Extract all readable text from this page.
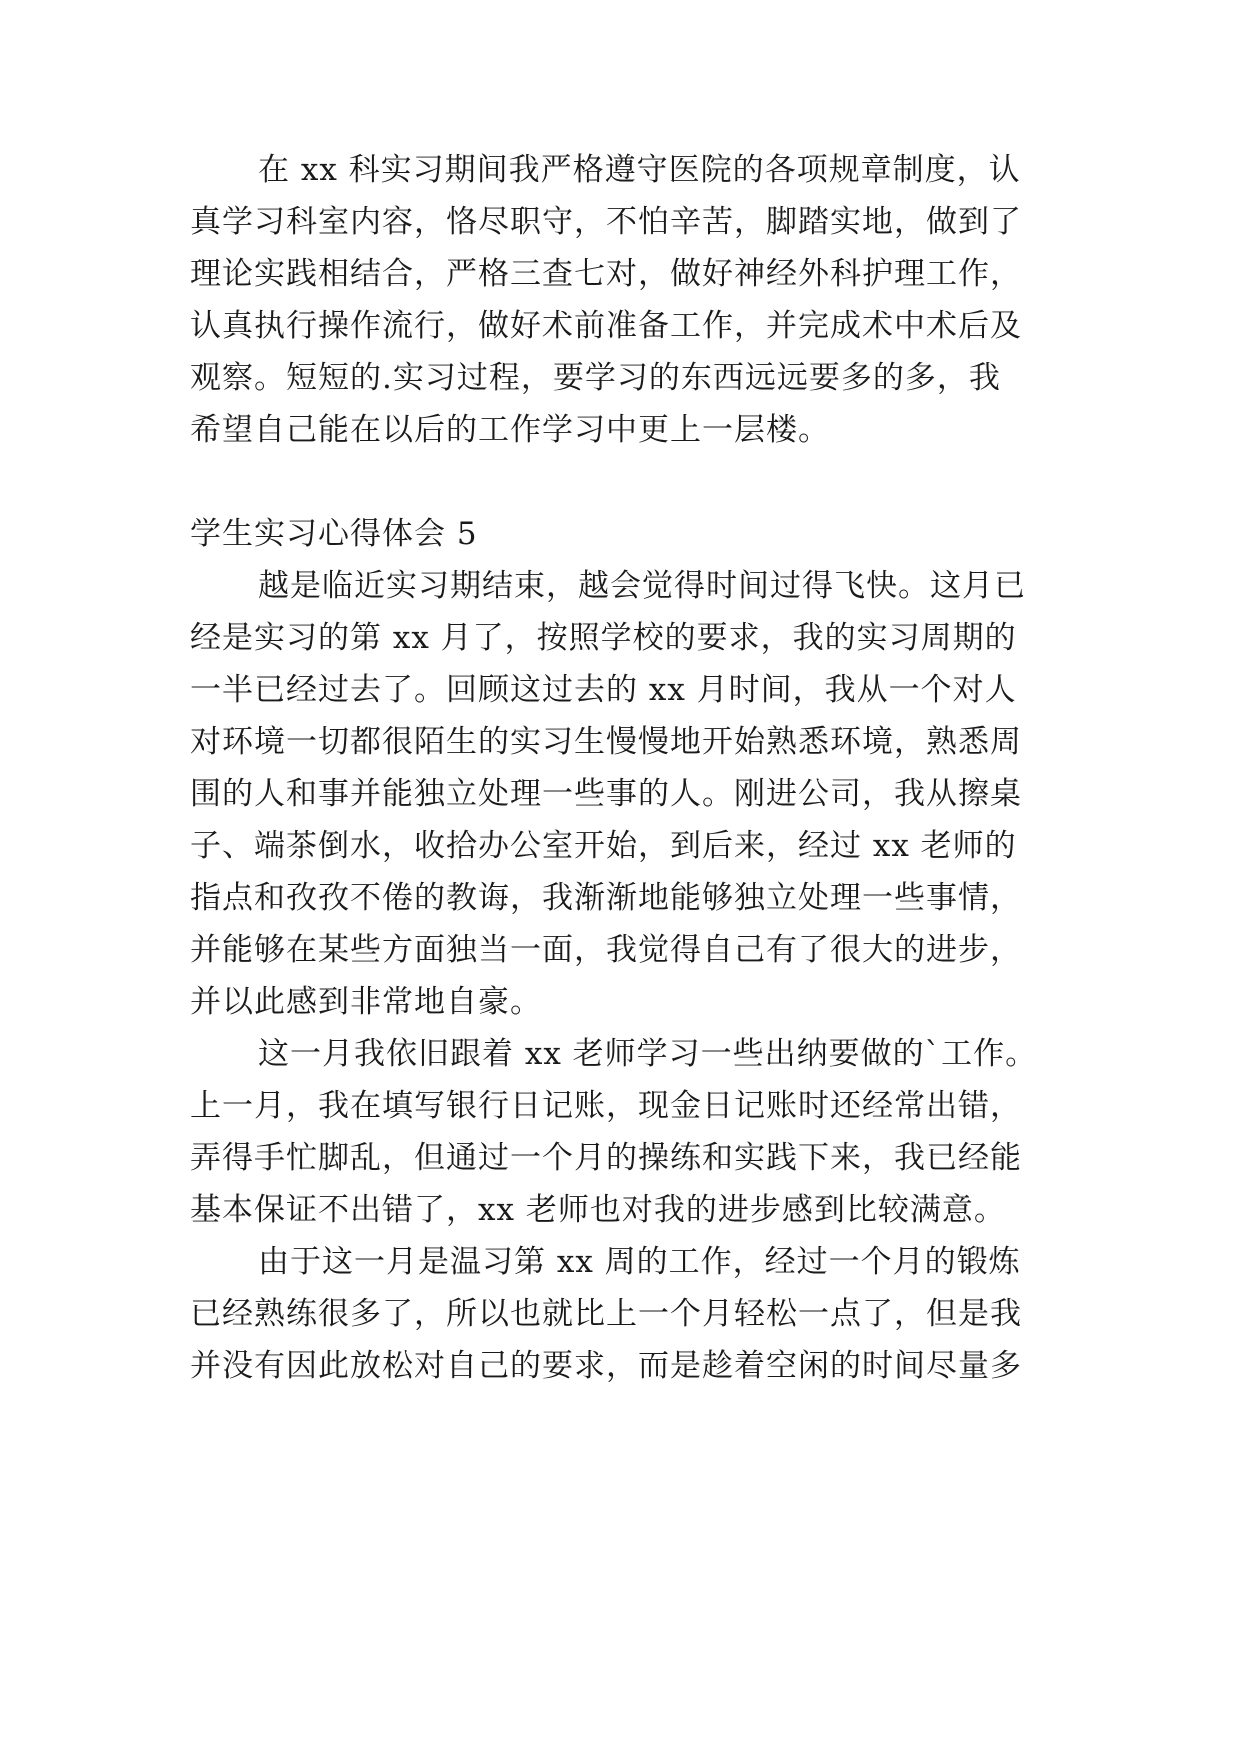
在 xx 科实习期间我严格遵守医院的各项规章制度，认
真学习科室内容，恪尽职守，不怕辛苦，脚踏实地，做到了
理论实践相结合，严格三查七对，做好神经外科护理工作，
认真执行操作流行，做好术前准备工作，并完成术中术后及
观察。短短的.实习过程，要学习的东西远远要多的多，我
希望自己能在以后的工作学习中更上一层楼。
学生实习心得体会 5
越是临近实习期结束，越会觉得时间过得飞快。这月已
经是实习的第 xx 月了，按照学校的要求，我的实习周期的
一半已经过去了。回顾这过去的 xx 月时间，我从一个对人
对环境一切都很陌生的实习生慢慢地开始熟悉环境，熟悉周
围的人和事并能独立处理一些事的人。刚进公司，我从擦桌
子、端茶倒水，收拾办公室开始，到后来，经过 xx 老师的
指点和孜孜不倦的教诲，我渐渐地能够独立处理一些事情，
并能够在某些方面独当一面，我觉得自己有了很大的进步，
并以此感到非常地自豪。
这一月我依旧跟着 xx 老师学习一些出纳要做的`工作。
上一月，我在填写银行日记账，现金日记账时还经常出错，
弄得手忙脚乱，但通过一个月的操练和实践下来，我已经能
基本保证不出错了，xx 老师也对我的进步感到比较满意。
由于这一月是温习第 xx 周的工作，经过一个月的锻炼
已经熟练很多了，所以也就比上一个月轻松一点了，但是我
并没有因此放松对自己的要求，而是趁着空闲的时间尽量多
